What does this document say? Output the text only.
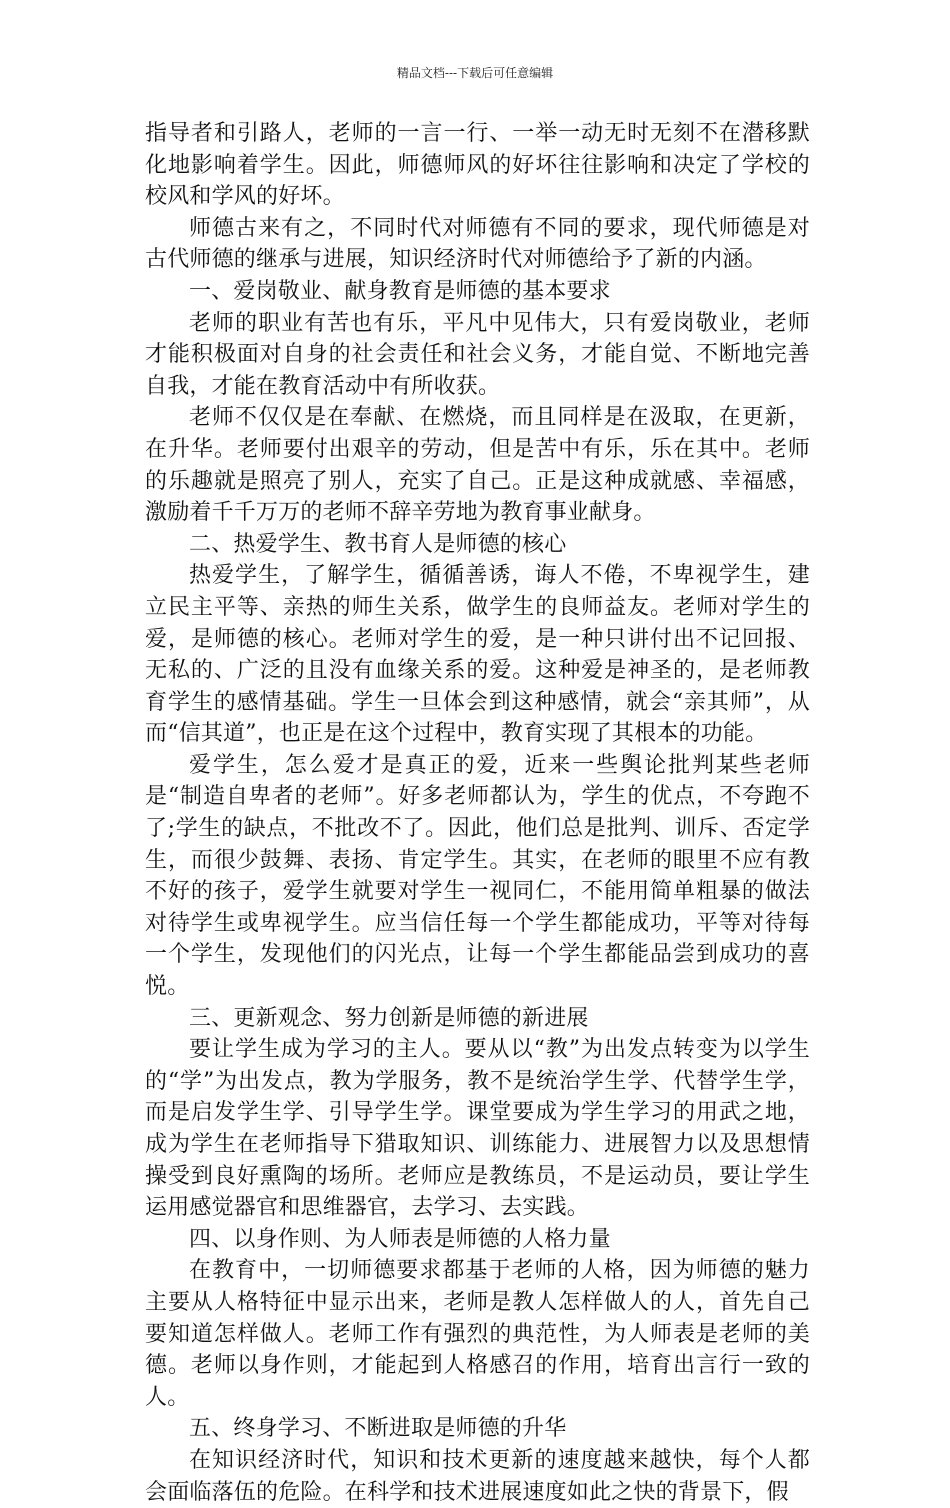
精品文档---下载后可任意编辑

指导者和引路人，老师的一言一行、一举一动无时无刻不在潜移默化地影响着学生。因此，师德师风的好坏往往影响和决定了学校的校风和学风的好坏。

师德古来有之，不同时代对师德有不同的要求，现代师德是对古代师德的继承与进展，知识经济时代对师德给予了新的内涵。

一、爱岗敬业、献身教育是师德的基本要求

老师的职业有苦也有乐，平凡中见伟大，只有爱岗敬业，老师才能积极面对自身的社会责任和社会义务，才能自觉、不断地完善自我，才能在教育活动中有所收获。

老师不仅仅是在奉献、在燃烧，而且同样是在汲取，在更新，在升华。老师要付出艰辛的劳动，但是苦中有乐，乐在其中。老师的乐趣就是照亮了别人，充实了自己。正是这种成就感、幸福感，激励着千千万万的老师不辞辛劳地为教育事业献身。

二、热爱学生、教书育人是师德的核心

热爱学生，了解学生，循循善诱，诲人不倦，不卑视学生，建立民主平等、亲热的师生关系，做学生的良师益友。老师对学生的爱，是师德的核心。老师对学生的爱，是一种只讲付出不记回报、无私的、广泛的且没有血缘关系的爱。这种爱是神圣的，是老师教育学生的感情基础。学生一旦体会到这种感情，就会“亲其师”，从而“信其道”，也正是在这个过程中，教育实现了其根本的功能。

爱学生，怎么爱才是真正的爱，近来一些舆论批判某些老师是“制造自卑者的老师”。好多老师都认为，学生的优点，不夸跑不了;学生的缺点，不批改不了。因此，他们总是批判、训斥、否定学生，而很少鼓舞、表扬、肯定学生。其实，在老师的眼里不应有教不好的孩子，爱学生就要对学生一视同仁，不能用简单粗暴的做法对待学生或卑视学生。应当信任每一个学生都能成功，平等对待每一个学生，发现他们的闪光点，让每一个学生都能品尝到成功的喜悦。

三、更新观念、努力创新是师德的新进展

要让学生成为学习的主人。要从以“教”为出发点转变为以学生的“学”为出发点，教为学服务，教不是统治学生学、代替学生学，而是启发学生学、引导学生学。课堂要成为学生学习的用武之地，成为学生在老师指导下猎取知识、训练能力、进展智力以及思想情操受到良好熏陶的场所。老师应是教练员，不是运动员，要让学生运用感觉器官和思维器官，去学习、去实践。

四、以身作则、为人师表是师德的人格力量

在教育中，一切师德要求都基于老师的人格，因为师德的魅力主要从人格特征中显示出来，老师是教人怎样做人的人，首先自己要知道怎样做人。老师工作有强烈的典范性，为人师表是老师的美德。老师以身作则，才能起到人格感召的作用，培育出言行一致的人。

五、终身学习、不断进取是师德的升华

在知识经济时代，知识和技术更新的速度越来越快，每个人都会面临落伍的危险。在科学和技术进展速度如此之快的背景下，假
